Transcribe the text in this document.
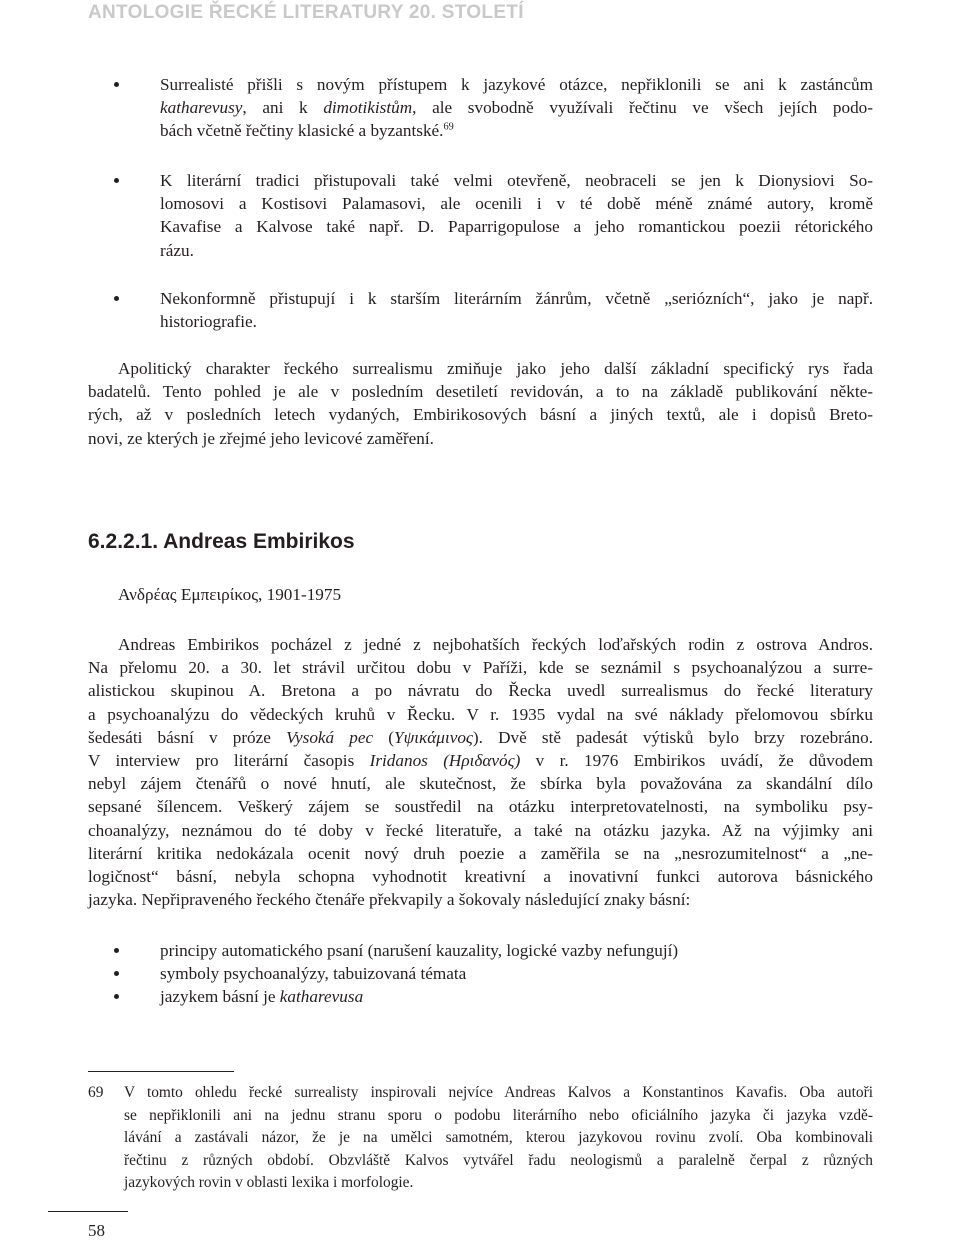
ANTOLOGIE ŘECKÉ LITERATURY 20. STOLETÍ
Surrealisté přišli s novým přístupem k jazykové otázce, nepřiklonili se ani k zastáncům
katharevusy, ani k dimotikistům, ale svobodně využívali řečtinu ve všech jejích podo-
bách včetně řečtiny klasické a byzantské.$^{69}$
K literární tradici přistupovali také velmi otevřeně, neobraceli se jen k Dionysiovi So-
lomosovi a Kostisovi Palamasovi, ale ocenili i v té době méně známé autory, kromě
Kavafise a Kalvose také např. D. Paparrigopulose a jeho romantickou poezii rétorického
rázu.
Nekonformně přistupují i k starším literárním žánrům, včetně „seriózních“, jako je např.
historiografie.
Apolitický charakter řeckého surrealismu zmiňuje jako jeho další základní specifický rys řada
badatelů. Tento pohled je ale v posledním desetiletí revidován, a to na základě publikování někte-
rých, až v posledních letech vydaných, Embirikosových básní a jiných textů, ale i dopisů Breto-
novi, ze kterých je zřejmé jeho levicové zaměření.
6.2.2.1. Andreas Embirikos
Ανδρέας Εμπειρίκος, 1901-1975
Andreas Embirikos pocházel z jedné z nejbohatších řeckých loďařských rodin z ostrova Andros.
Na přelomu 20. a 30. let strávil určitou dobu v Paříži, kde se seznámil s psychoanalýzou a surre-
alistickou skupinou A. Bretona a po návratu do Řecka uvedl surrealismus do řecké literatury
a psychoanalýzu do vědeckých kruhů v Řecku. V r. 1935 vydal na své náklady přelomovou sbírku
šedesáti básní v próze Vysoká pec (Υψικάμινος). Dvě stě padesát výtisků bylo brzy rozebráno.
V interview pro literární časopis Iridanos (Ηριδανός) v r. 1976 Embirikos uvádí, že důvodem
nebyl zájem čtenářů o nové hnutí, ale skutečnost, že sbírka byla považována za skandální dílo
sepsané šílencem. Veškerý zájem se soustředil na otázku interpretovatelnosti, na symboliku psy-
choanalýzy, neznámou do té doby v řecké literatuře, a také na otázku jazyka. Až na výjimky ani
literární kritika nedokázala ocenit nový druh poezie a zaměřila se na „nesrozumitelnost“ a „ne-
logičnost“ básní, nebyla schopna vyhodnotit kreativní a inovativní funkci autorova básnického
jazyka. Nepřipraveného řeckého čtenáře překvapily a šokovaly následující znaky básní:
principy automatického psaní (narušení kauzality, logické vazby nefungují)
symboly psychoanalýzy, tabuizovaná témata
jazykem básní je katharevusa
69 V tomto ohledu řecké surrealisty inspirovali nejvíce Andreas Kalvos a Konstantinos Kavafis. Oba autoři
se nepřiklonili ani na jednu stranu sporu o podobu literárního nebo oficiálního jazyka či jazyka vzdě-
lávání a zastávali názor, že je na umělci samotném, kterou jazykovou rovinu zvolí. Oba kombinovali
řečtinu z různých období. Obzvláště Kalvos vytvářel řadu neologismů a paralelně čerpal z různých
jazykových rovin v oblasti lexika i morfologie.
58
